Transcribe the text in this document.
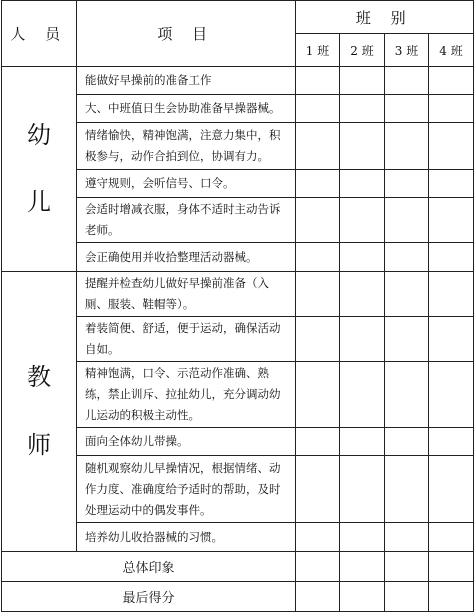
人 员	项 目	班 别			
		1 班	2 班	3 班	4 班

幼
儿	能做好早操前的准备工作				
	大、中班值日生会协助准备早操器械。				
	情绪愉快，精神饱满，注意力集中，积极参与，动作合拍到位，协调有力。				
	遵守规则，会听信号、口令。				
	会适时增减衣服，身体不适时主动告诉老师。				
	会正确使用并收拾整理活动器械。				

教
师	提醒并检查幼儿做好早操前准备（入厕、服装、鞋帽等）。				
	着装简便、舒适，便于运动，确保活动自如。				
	精神饱满，口令、示范动作准确、熟练，禁止训斥、拉扯幼儿，充分调动幼儿运动的积极主动性。				
	面向全体幼儿带操。				
	随机观察幼儿早操情况，根据情绪、动作力度、准确度给予适时的帮助，及时处理运动中的偶发事件。				
	培养幼儿收拾器械的习惯。				
总体印象					
最后得分					
